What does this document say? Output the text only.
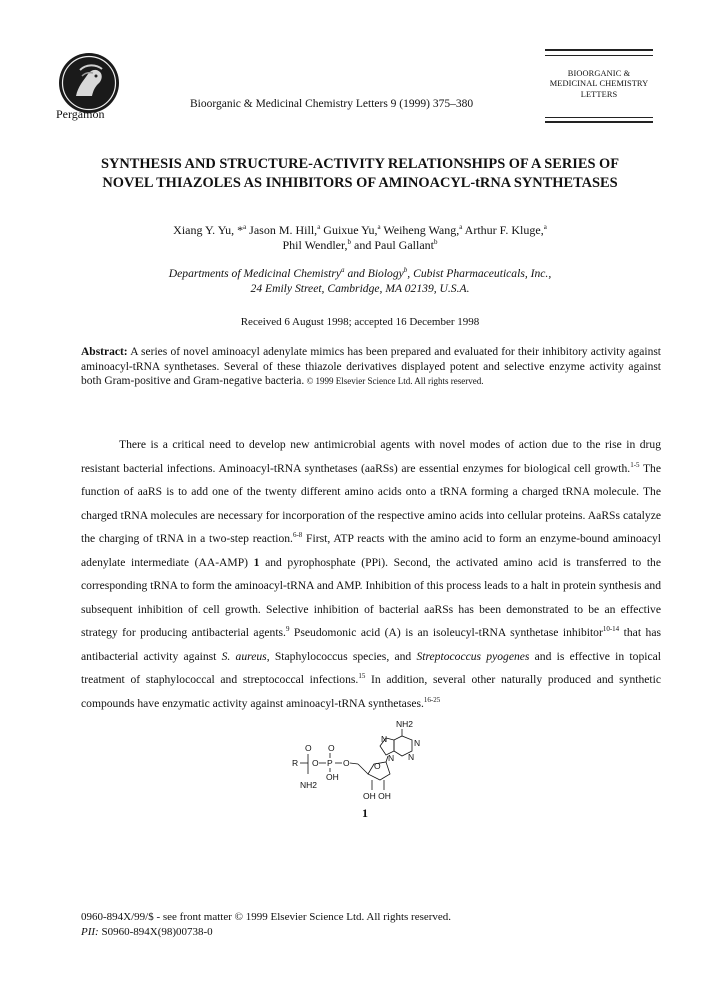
Pergamon
Bioorganic & Medicinal Chemistry Letters 9 (1999) 375–380
BIOORGANIC &
MEDICINAL CHEMISTRY
LETTERS
SYNTHESIS AND STRUCTURE-ACTIVITY RELATIONSHIPS OF A SERIES OF
NOVEL THIAZOLES AS INHIBITORS OF AMINOACYL-tRNA SYNTHETASES
Xiang Y. Yu, *$^a$ Jason M. Hill,$^a$ Guixue Yu,$^a$ Weiheng Wang,$^a$ Arthur F. Kluge,$^a$
Phil Wendler,$^b$ and Paul Gallant$^b$
Departments of Medicinal Chemistry$^a$ and Biology$^b$, Cubist Pharmaceuticals, Inc.,
24 Emily Street, Cambridge, MA 02139, U.S.A.
Received 6 August 1998; accepted 16 December 1998
Abstract: A series of novel aminoacyl adenylate mimics has been prepared and evaluated for their inhibitory activity against aminoacyl-tRNA synthetases. Several of these thiazole derivatives displayed potent and selective enzyme activity against both Gram-positive and Gram-negative bacteria. © 1999 Elsevier Science Ltd. All rights reserved.
There is a critical need to develop new antimicrobial agents with novel modes of action due to the rise in drug resistant bacterial infections. Aminoacyl-tRNA synthetases (aaRSs) are essential enzymes for biological cell growth.$^{1-5}$ The function of aaRS is to add one of the twenty different amino acids onto a tRNA forming a charged tRNA molecule. The charged tRNA molecules are necessary for incorporation of the respective amino acids into cellular proteins. AaRSs catalyze the charging of tRNA in a two-step reaction.$^{6-8}$ First, ATP reacts with the amino acid to form an enzyme-bound aminoacyl adenylate intermediate (AA-AMP) 1 and pyrophosphate (PPi). Second, the activated amino acid is transferred to the corresponding tRNA to form the aminoacyl-tRNA and AMP. Inhibition of this process leads to a halt in protein synthesis and subsequent inhibition of cell growth. Selective inhibition of bacterial aaRSs has been demonstrated to be an effective strategy for producing antibacterial agents.$^9$ Pseudomonic acid (A) is an isoleucyl-tRNA synthetase inhibitor$^{10-14}$ that has antibacterial activity against S. aureus, Staphylococcus species, and Streptococcus pyogenes and is effective in topical treatment of staphylococcal and streptococcal infections.$^{15}$ In addition, several other naturally produced and synthetic compounds have enzymatic activity against aminoacyl-tRNA synthetases.$^{16-25}$
NH2
N	N
N N
O
OH OH
R
O
O P
O
OH
O
NH2
1
0960-894X/99/$ - see front matter © 1999 Elsevier Science Ltd. All rights reserved.
PII: S0960-894X(98)00738-0
